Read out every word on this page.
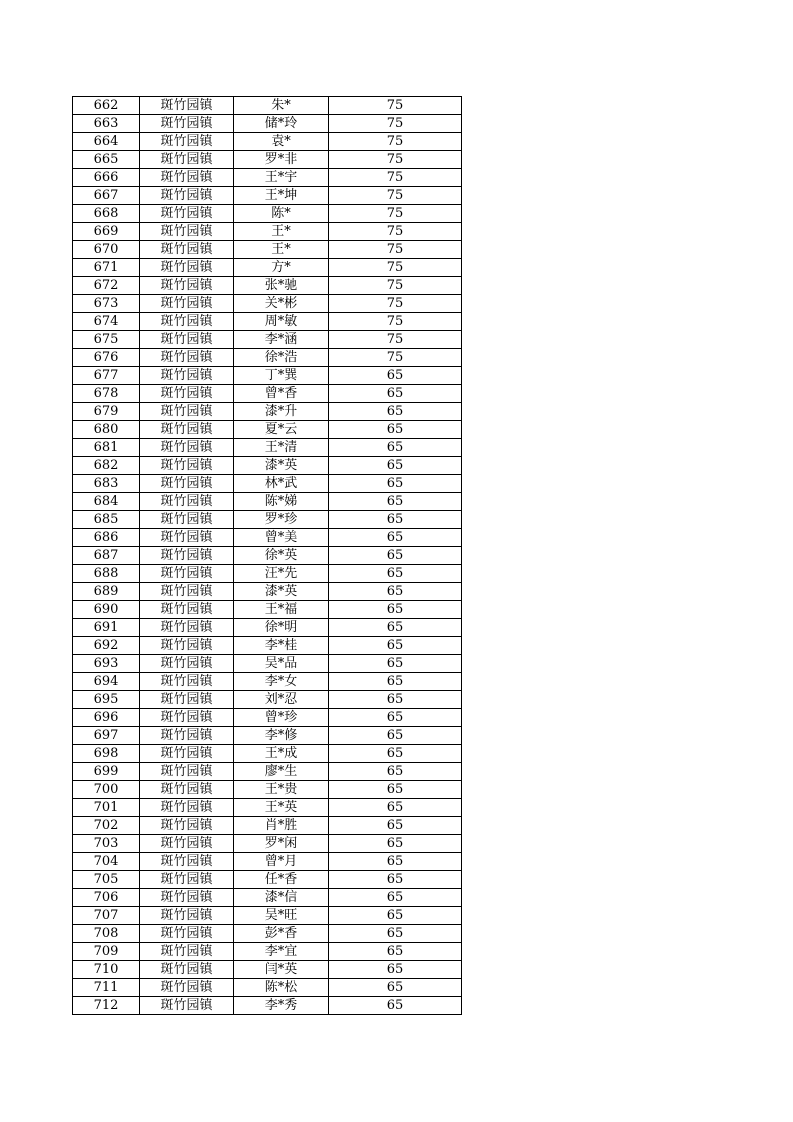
662	斑竹园镇	朱*	75
663	斑竹园镇	储*玲	75
664	斑竹园镇	袁*	75
665	斑竹园镇	罗*非	75
666	斑竹园镇	王*宇	75
667	斑竹园镇	王*坤	75
668	斑竹园镇	陈*	75
669	斑竹园镇	王*	75
670	斑竹园镇	王*	75
671	斑竹园镇	方*	75
672	斑竹园镇	张*驰	75
673	斑竹园镇	关*彬	75
674	斑竹园镇	周*敏	75
675	斑竹园镇	李*涵	75
676	斑竹园镇	徐*浩	75
677	斑竹园镇	丁*巽	65
678	斑竹园镇	曾*香	65
679	斑竹园镇	漆*升	65
680	斑竹园镇	夏*云	65
681	斑竹园镇	王*清	65
682	斑竹园镇	漆*英	65
683	斑竹园镇	林*武	65
684	斑竹园镇	陈*娣	65
685	斑竹园镇	罗*珍	65
686	斑竹园镇	曾*美	65
687	斑竹园镇	徐*英	65
688	斑竹园镇	汪*先	65
689	斑竹园镇	漆*英	65
690	斑竹园镇	王*福	65
691	斑竹园镇	徐*明	65
692	斑竹园镇	李*桂	65
693	斑竹园镇	吴*品	65
694	斑竹园镇	李*女	65
695	斑竹园镇	刘*忍	65
696	斑竹园镇	曾*珍	65
697	斑竹园镇	李*修	65
698	斑竹园镇	王*成	65
699	斑竹园镇	廖*生	65
700	斑竹园镇	王*贵	65
701	斑竹园镇	王*英	65
702	斑竹园镇	肖*胜	65
703	斑竹园镇	罗*闲	65
704	斑竹园镇	曾*月	65
705	斑竹园镇	任*香	65
706	斑竹园镇	漆*信	65
707	斑竹园镇	吴*旺	65
708	斑竹园镇	彭*香	65
709	斑竹园镇	李*宜	65
710	斑竹园镇	闫*英	65
711	斑竹园镇	陈*松	65
712	斑竹园镇	李*秀	65
